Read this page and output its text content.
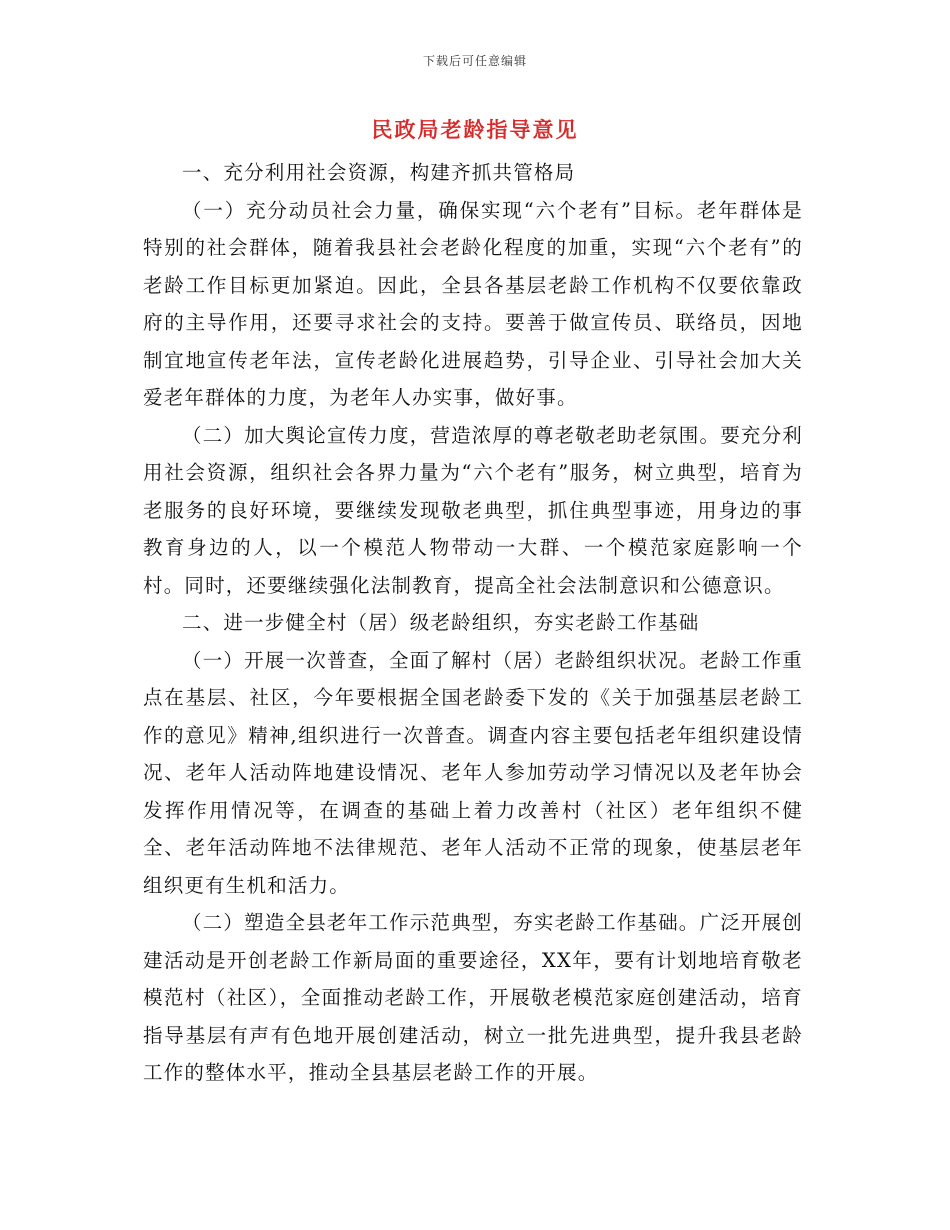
下载后可任意编辑
民政局老龄指导意见

一、充分利用社会资源，构建齐抓共管格局

（一）充分动员社会力量，确保实现“六个老有”目标。老年群体是特别的社会群体，随着我县社会老龄化程度的加重，实现“六个老有”的老龄工作目标更加紧迫。因此，全县各基层老龄工作机构不仅要依靠政府的主导作用，还要寻求社会的支持。要善于做宣传员、联络员，因地制宜地宣传老年法，宣传老龄化进展趋势，引导企业、引导社会加大关爱老年群体的力度，为老年人办实事，做好事。

（二）加大舆论宣传力度，营造浓厚的尊老敬老助老氛围。要充分利用社会资源，组织社会各界力量为“六个老有”服务，树立典型，培育为老服务的良好环境，要继续发现敬老典型，抓住典型事迹，用身边的事教育身边的人，以一个模范人物带动一大群、一个模范家庭影响一个村。同时，还要继续强化法制教育，提高全社会法制意识和公德意识。

二、进一步健全村（居）级老龄组织，夯实老龄工作基础

（一）开展一次普查，全面了解村（居）老龄组织状况。老龄工作重点在基层、社区，今年要根据全国老龄委下发的《关于加强基层老龄工作的意见》精神,组织进行一次普查。调查内容主要包括老年组织建设情况、老年人活动阵地建设情况、老年人参加劳动学习情况以及老年协会发挥作用情况等，在调查的基础上着力改善村（社区）老年组织不健全、老年活动阵地不法律规范、老年人活动不正常的现象，使基层老年组织更有生机和活力。

（二）塑造全县老年工作示范典型，夯实老龄工作基础。广泛开展创建活动是开创老龄工作新局面的重要途径，XX年，要有计划地培育敬老模范村（社区），全面推动老龄工作，开展敬老模范家庭创建活动，培育指导基层有声有色地开展创建活动，树立一批先进典型，提升我县老龄工作的整体水平，推动全县基层老龄工作的开展。
